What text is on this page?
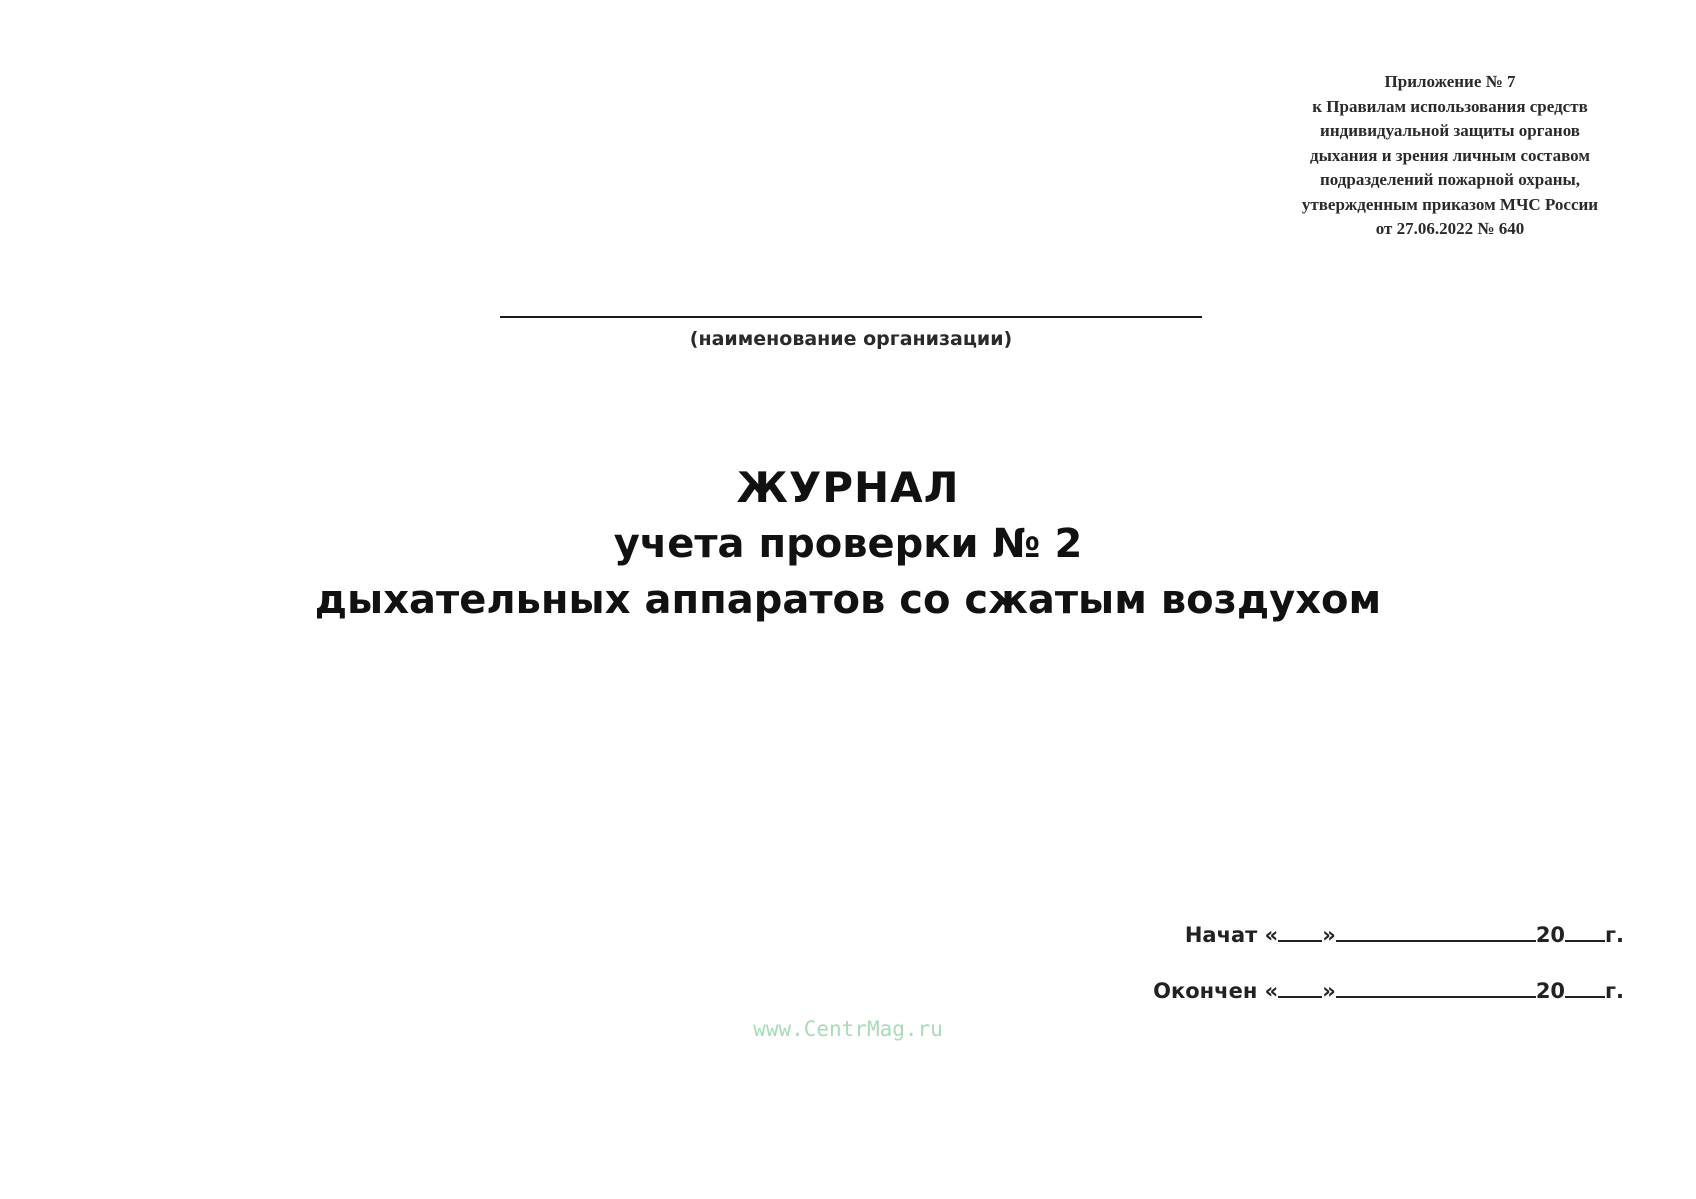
Приложение № 7
к Правилам использования средств
индивидуальной защиты органов
дыхания и зрения личным составом
подразделений пожарной охраны,
утвержденным приказом МЧС России
от 27.06.2022 № 640
(наименование организации)
ЖУРНАЛ
учета проверки № 2
дыхательных аппаратов со сжатым воздухом
Начат
« »	20 г.
Окончен
« »	20 г.
www.CentrMag.ru
